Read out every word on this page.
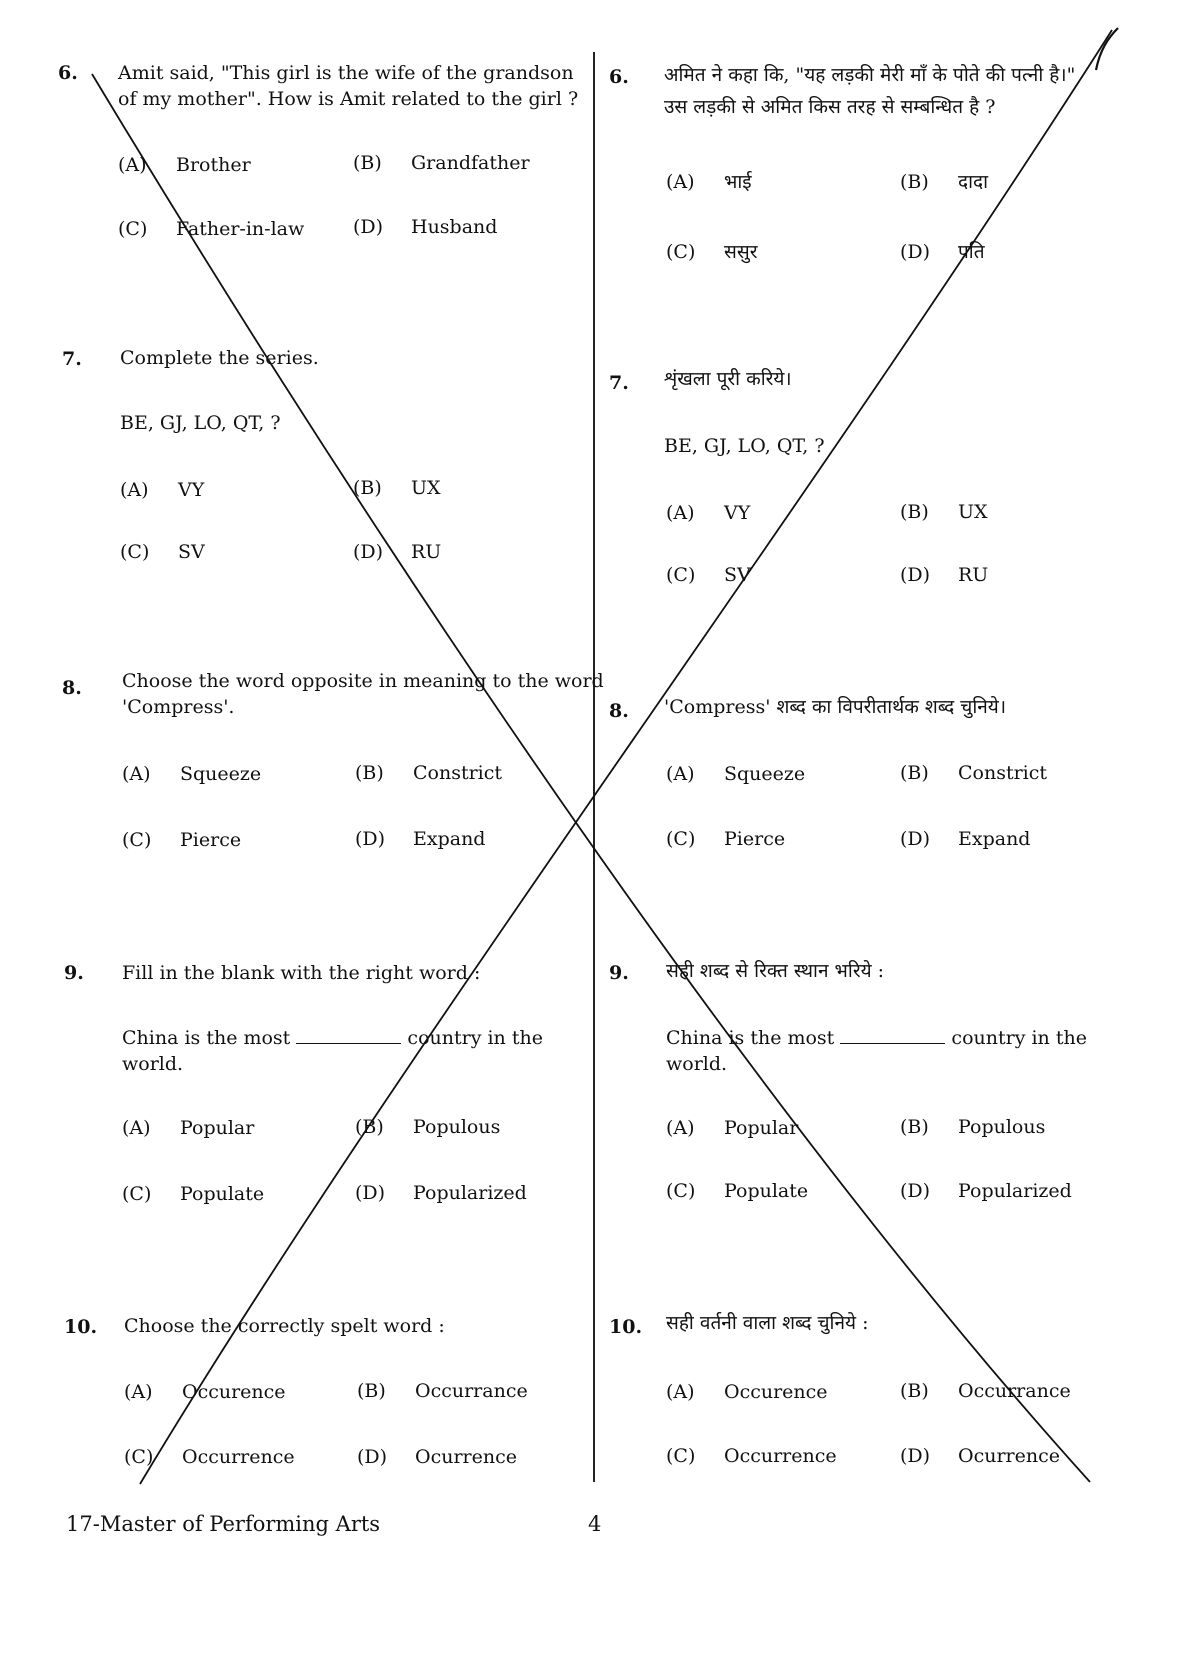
6. Amit said, "This girl is the wife of the grandson
of my mother". How is Amit related to the girl ?
(A) Brother	(B) Grandfather
(C) Father-in-law	(D) Husband
7. Complete the series.
BE, GJ, LO, QT, ?
(A) VY	(B) UX
(C) SV	(D) RU
8. Choose the word opposite in meaning to the word
'Compress'.
(A) Squeeze	(B) Constrict
(C) Pierce	(D) Expand
9. Fill in the blank with the right word :
China is the most	country in the
world.
(A) Popular	(B) Populous
(C) Populate	(D) Popularized
10. Choose the correctly spelt word :
(A) Occurence	(B) Occurrance
(C) Occurrence	(D) Ocurrence
6. अमित ने कहा कि, "यह लड़की मेरी माँ के पोते की पत्नी है।"
उस लड़की से अमित किस तरह से सम्बन्धित है ?
(A) भाई	(B) दादा
(C) ससुर	(D) पति
7. शृंखला पूरी करिये।
BE, GJ, LO, QT, ?
(A) VY	(B) UX
(C) SV	(D) RU
8. 'Compress' शब्द का विपरीतार्थक शब्द चुनिये।
(A) Squeeze	(B) Constrict
(C) Pierce	(D) Expand
9. सही शब्द से रिक्त स्थान भरिये :
China is the most	country in the
world.
(A) Popular	(B) Populous
(C) Populate	(D) Popularized
10. सही वर्तनी वाला शब्द चुनिये :
(A) Occurence	(B) Occurrance
(C) Occurrence	(D) Ocurrence
17-Master of Performing Arts	4
